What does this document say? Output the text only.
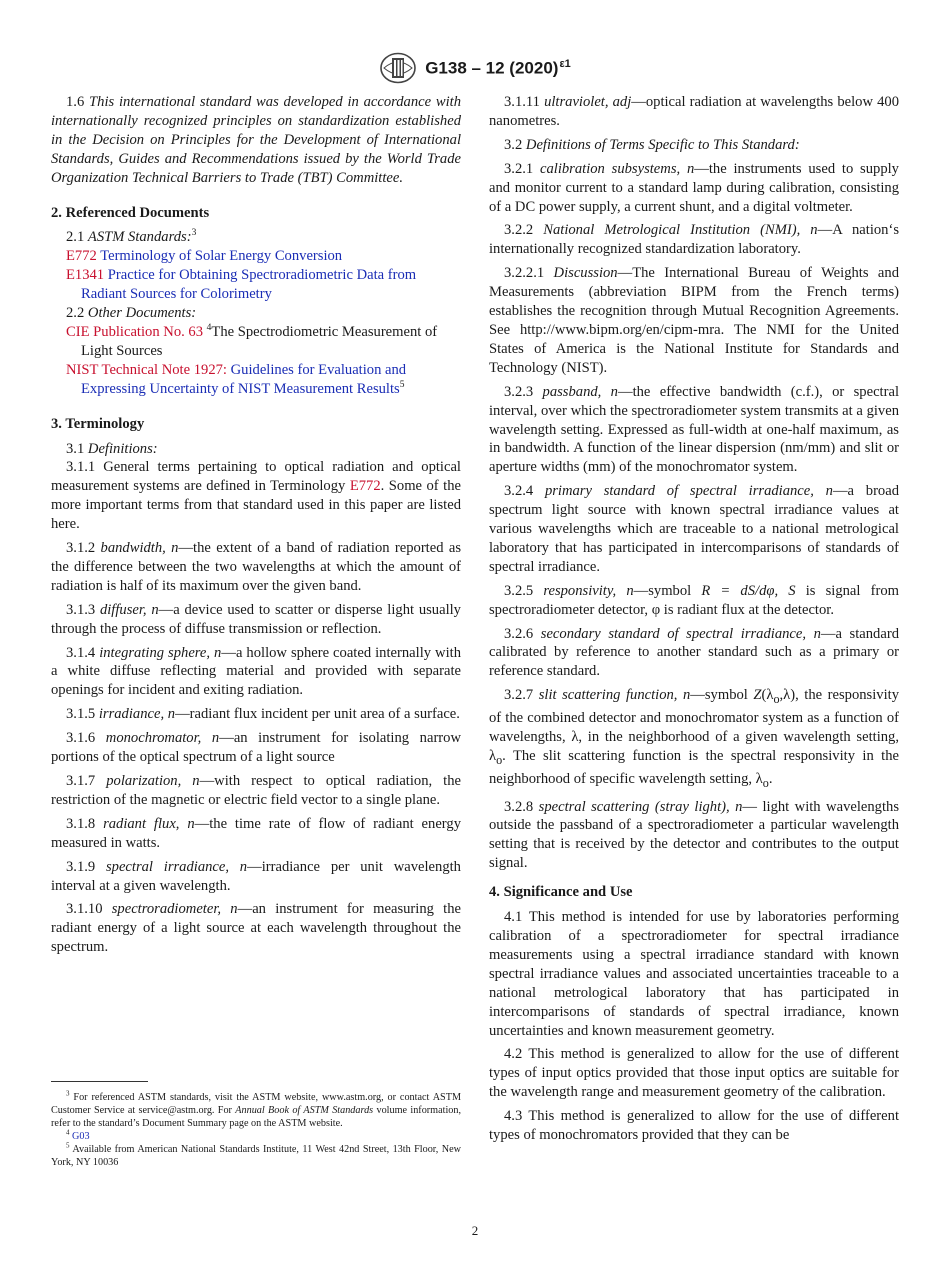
G138 – 12 $(2020)^{\varepsilon 1}$

1.6 This international standard was developed in accordance with internationally recognized principles on standardization established in the Decision on Principles for the Development of International Standards, Guides and Recommendations issued by the World Trade Organization Technical Barriers to Trade (TBT) Committee.

2. Referenced Documents

2.1 ASTM Standards:$^3$

E772 Terminology of Solar Energy Conversion

E1341 Practice for Obtaining Spectroradiometric Data from Radiant Sources for Colorimetry

2.2 Other Documents:

CIE Publication No. 63 $^4$The Spectrodiometric Measurement of Light Sources

NIST Technical Note 1927: Guidelines for Evaluation and Expressing Uncertainty of NIST Measurement Results$^5$

3. Terminology

3.1 Definitions:

3.1.1 General terms pertaining to optical radiation and optical measurement systems are defined in Terminology E772. Some of the more important terms from that standard used in this paper are listed here.

3.1.2 bandwidth, n—the extent of a band of radiation reported as the difference between the two wavelengths at which the amount of radiation is half of its maximum over the given band.

3.1.3 diffuser, n—a device used to scatter or disperse light usually through the process of diffuse transmission or reflection.

3.1.4 integrating sphere, n—a hollow sphere coated internally with a white diffuse reflecting material and provided with separate openings for incident and exiting radiation.

3.1.5 irradiance, n—radiant flux incident per unit area of a surface.

3.1.6 monochromator, n—an instrument for isolating narrow portions of the optical spectrum of a light source

3.1.7 polarization, n—with respect to optical radiation, the restriction of the magnetic or electric field vector to a single plane.

3.1.8 radiant flux, n—the time rate of flow of radiant energy measured in watts.

3.1.9 spectral irradiance, n—irradiance per unit wavelength interval at a given wavelength.

3.1.10 spectroradiometer, n—an instrument for measuring the radiant energy of a light source at each wavelength throughout the spectrum.

$^3$ For referenced ASTM standards, visit the ASTM website, www.astm.org, or contact ASTM Customer Service at service@astm.org. For Annual Book of ASTM Standards volume information, refer to the standard’s Document Summary page on the ASTM website.

$^4$ G03

$^5$ Available from American National Standards Institute, 11 West 42nd Street, 13th Floor, New York, NY 10036

3.1.11 ultraviolet, adj—optical radiation at wavelengths below 400 nanometres.

3.2 Definitions of Terms Specific to This Standard:

3.2.1 calibration subsystems, n—the instruments used to supply and monitor current to a standard lamp during calibration, consisting of a DC power supply, a current shunt, and a digital voltmeter.

3.2.2 National Metrological Institution (NMI), n—A nation‘s internationally recognized standardization laboratory.

3.2.2.1 Discussion—The International Bureau of Weights and Measurements (abbreviation BIPM from the French terms) establishes the recognition through Mutual Recognition Agreements. See http://www.bipm.org/en/cipm-mra. The NMI for the United States of America is the National Institute for Standards and Technology (NIST).

3.2.3 passband, n—the effective bandwidth (c.f.), or spectral interval, over which the spectroradiometer system transmits at a given wavelength setting. Expressed as full-width at one-half maximum, as in bandwidth. A function of the linear dispersion (nm/mm) and slit or aperture widths (mm) of the monochromator system.

3.2.4 primary standard of spectral irradiance, n—a broad spectrum light source with known spectral irradiance values at various wavelengths which are traceable to a national metrological laboratory that has participated in intercomparisons of standards of spectral irradiance.

3.2.5 responsivity, n—symbol R = dS/dφ, S is signal from spectroradiometer detector, φ is radiant flux at the detector.

3.2.6 secondary standard of spectral irradiance, n—a standard calibrated by reference to another standard such as a primary or reference standard.

3.2.7 slit scattering function, n—symbol $Z(\lambda_o,\lambda)$, the responsivity of the combined detector and monochromator system as a function of wavelengths, λ, in the neighborhood of a given wavelength setting, $\lambda_o$. The slit scattering function is the spectral responsivity in the neighborhood of specific wavelength setting, $\lambda_o$.

3.2.8 spectral scattering (stray light), n— light with wavelengths outside the passband of a spectroradiometer a particular wavelength setting that is received by the detector and contributes to the output signal.

4. Significance and Use

4.1 This method is intended for use by laboratories performing calibration of a spectroradiometer for spectral irradiance measurements using a spectral irradiance standard with known spectral irradiance values and associated uncertainties traceable to a national metrological laboratory that has participated in intercomparisons of standards of spectral irradiance, known uncertainties and known measurement geometry.

4.2 This method is generalized to allow for the use of different types of input optics provided that those input optics are suitable for the wavelength range and measurement geometry of the calibration.

4.3 This method is generalized to allow for the use of different types of monochromators provided that they can be

2
